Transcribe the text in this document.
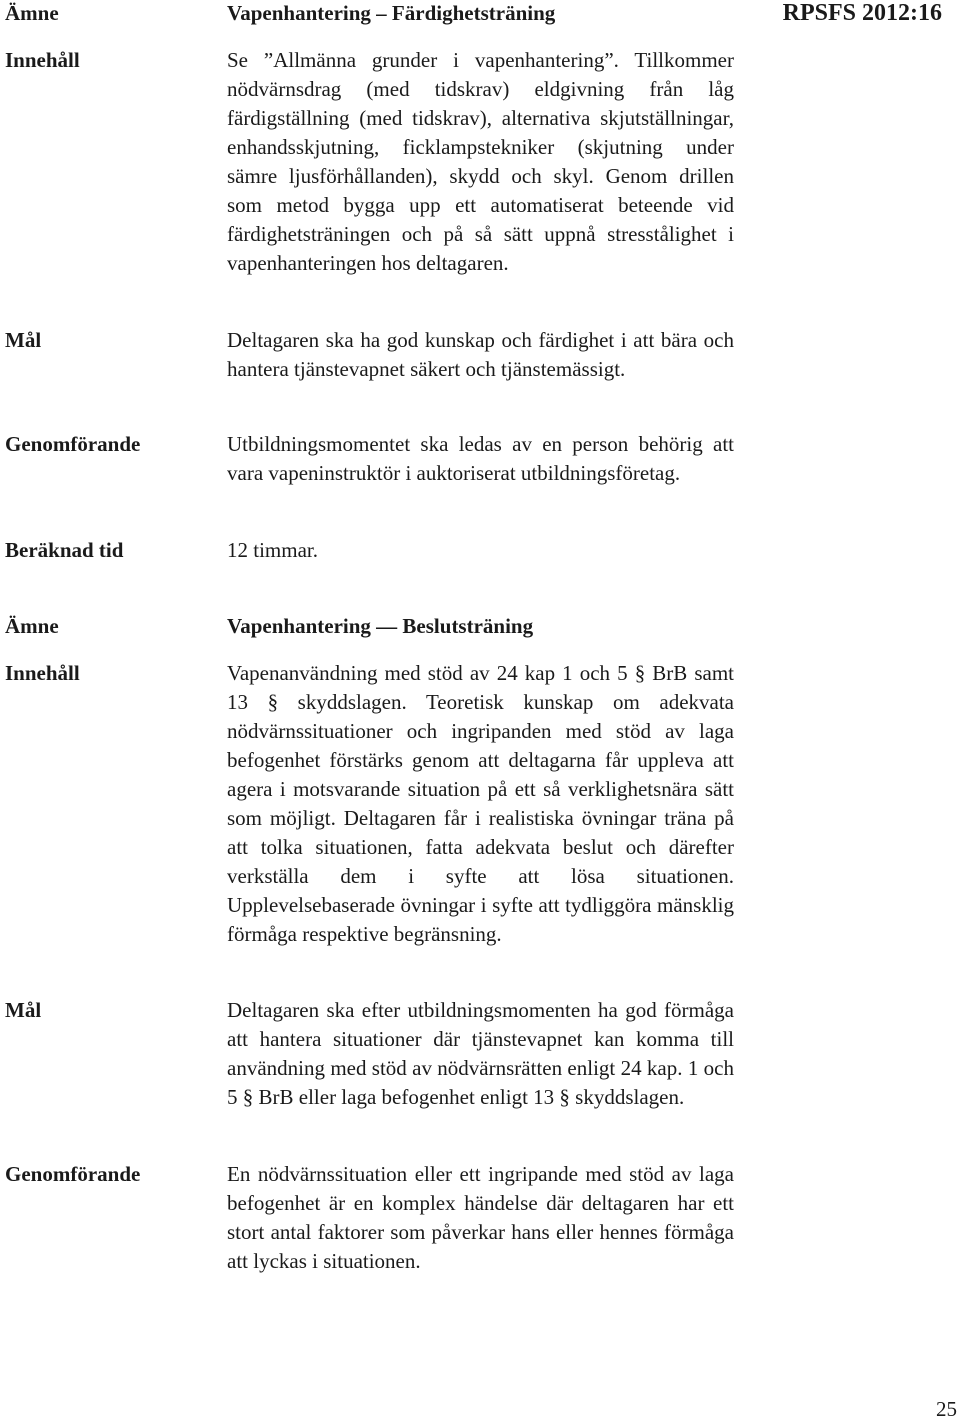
RPSFS 2012:16
Ämne	Vapenhantering – Färdighetsträning
Innehåll	Se ”Allmänna grunder i vapenhantering”. Tillkommer nödvärnsdrag (med tidskrav) eldgivning från låg färdigställning (med tidskrav), alternativa skjutställningar, enhandsskjutning, ficklampstekniker (skjutning under sämre ljusförhållanden), skydd och skyl. Genom drillen som metod bygga upp ett automatiserat beteende vid färdighetsträningen och på så sätt uppnå stresstålighet i vapenhanteringen hos deltagaren.
Mål	Deltagaren ska ha god kunskap och färdighet i att bära och hantera tjänstevapnet säkert och tjänstemässigt.
Genomförande	Utbildningsmomentet ska ledas av en person behörig att vara vapeninstruktör i auktoriserat utbildningsföretag.
Beräknad tid	12 timmar.
Ämne	Vapenhantering — Beslutsträning
Innehåll	Vapenanvändning med stöd av 24 kap 1 och 5 § BrB samt 13 § skyddslagen. Teoretisk kunskap om adekvata nödvärnssituationer och ingripanden med stöd av laga befogenhet förstärks genom att deltagarna får uppleva att agera i motsvarande situation på ett så verklighetsnära sätt som möjligt. Deltagaren får i realistiska övningar träna på att tolka situationen, fatta adekvata beslut och därefter verkställa dem i syfte att lösa situationen. Upplevelsebaserade övningar i syfte att tydliggöra mänsklig förmåga respektive begränsning.
Mål	Deltagaren ska efter utbildningsmomenten ha god förmåga att hantera situationer där tjänstevapnet kan komma till användning med stöd av nödvärnsrätten enligt 24 kap. 1 och 5 § BrB eller laga befogenhet enligt 13 § skyddslagen.
Genomförande	En nödvärnssituation eller ett ingripande med stöd av laga befogenhet är en komplex händelse där deltagaren har ett stort antal faktorer som påverkar hans eller hennes förmåga att lyckas i situationen.
25
